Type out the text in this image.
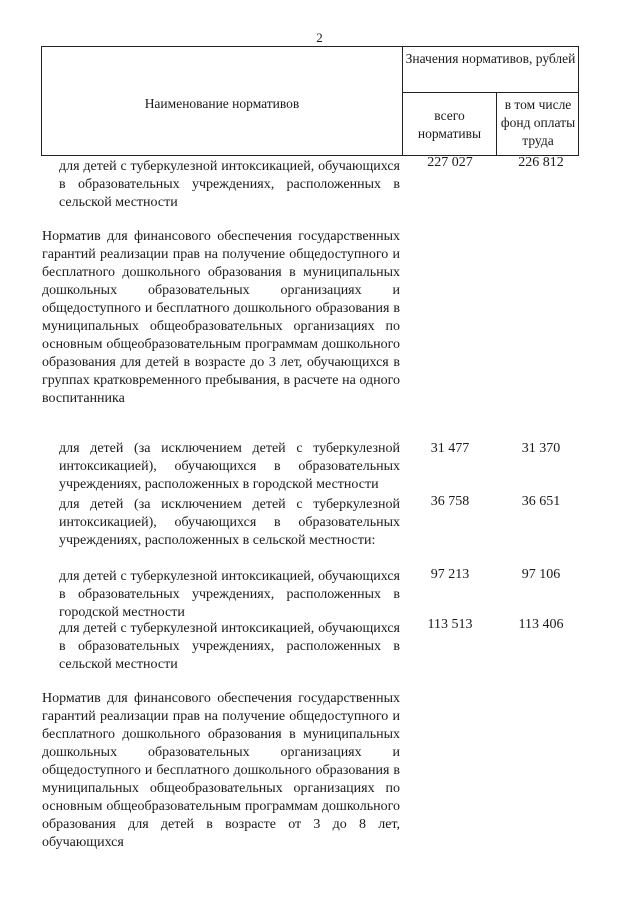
2
Наименование нормативов
Значения нормативов, рублей
всего нормативы
в том числе фонд оплаты труда
для детей с туберкулезной интоксикацией, обучающихся в образовательных учреждениях, расположенных в сельской местности
227 027	226 812
Норматив для финансового обеспечения государственных гарантий реализации прав на получение общедоступного и бесплатного дошкольного образования в муниципальных дошкольных образовательных организациях и общедоступного и бесплатного дошкольного образования в муниципальных общеобразовательных организациях по основным общеобразовательным программам дошкольного образования для детей в возрасте до 3 лет, обучающихся в группах кратковременного пребывания, в расчете на одного воспитанника
для детей (за исключением детей с туберкулезной интоксикацией), обучающихся в образовательных учреждениях, расположенных в городской местности
31 477	31 370
для детей (за исключением детей с туберкулезной интоксикацией), обучающихся в образовательных учреждениях, расположенных в сельской местности:
36 758	36 651
для детей с туберкулезной интоксикацией, обучающихся в образовательных учреждениях, расположенных в городской местности
97 213	97 106
для детей с туберкулезной интоксикацией, обучающихся в образовательных учреждениях, расположенных в сельской местности
113 513	113 406
Норматив для финансового обеспечения государственных гарантий реализации прав на получение общедоступного и бесплатного дошкольного образования в муниципальных дошкольных образовательных организациях и общедоступного и бесплатного дошкольного образования в муниципальных общеобразовательных организациях по основным общеобразовательным программам дошкольного образования для детей в возрасте от 3 до 8 лет, обучающихся
